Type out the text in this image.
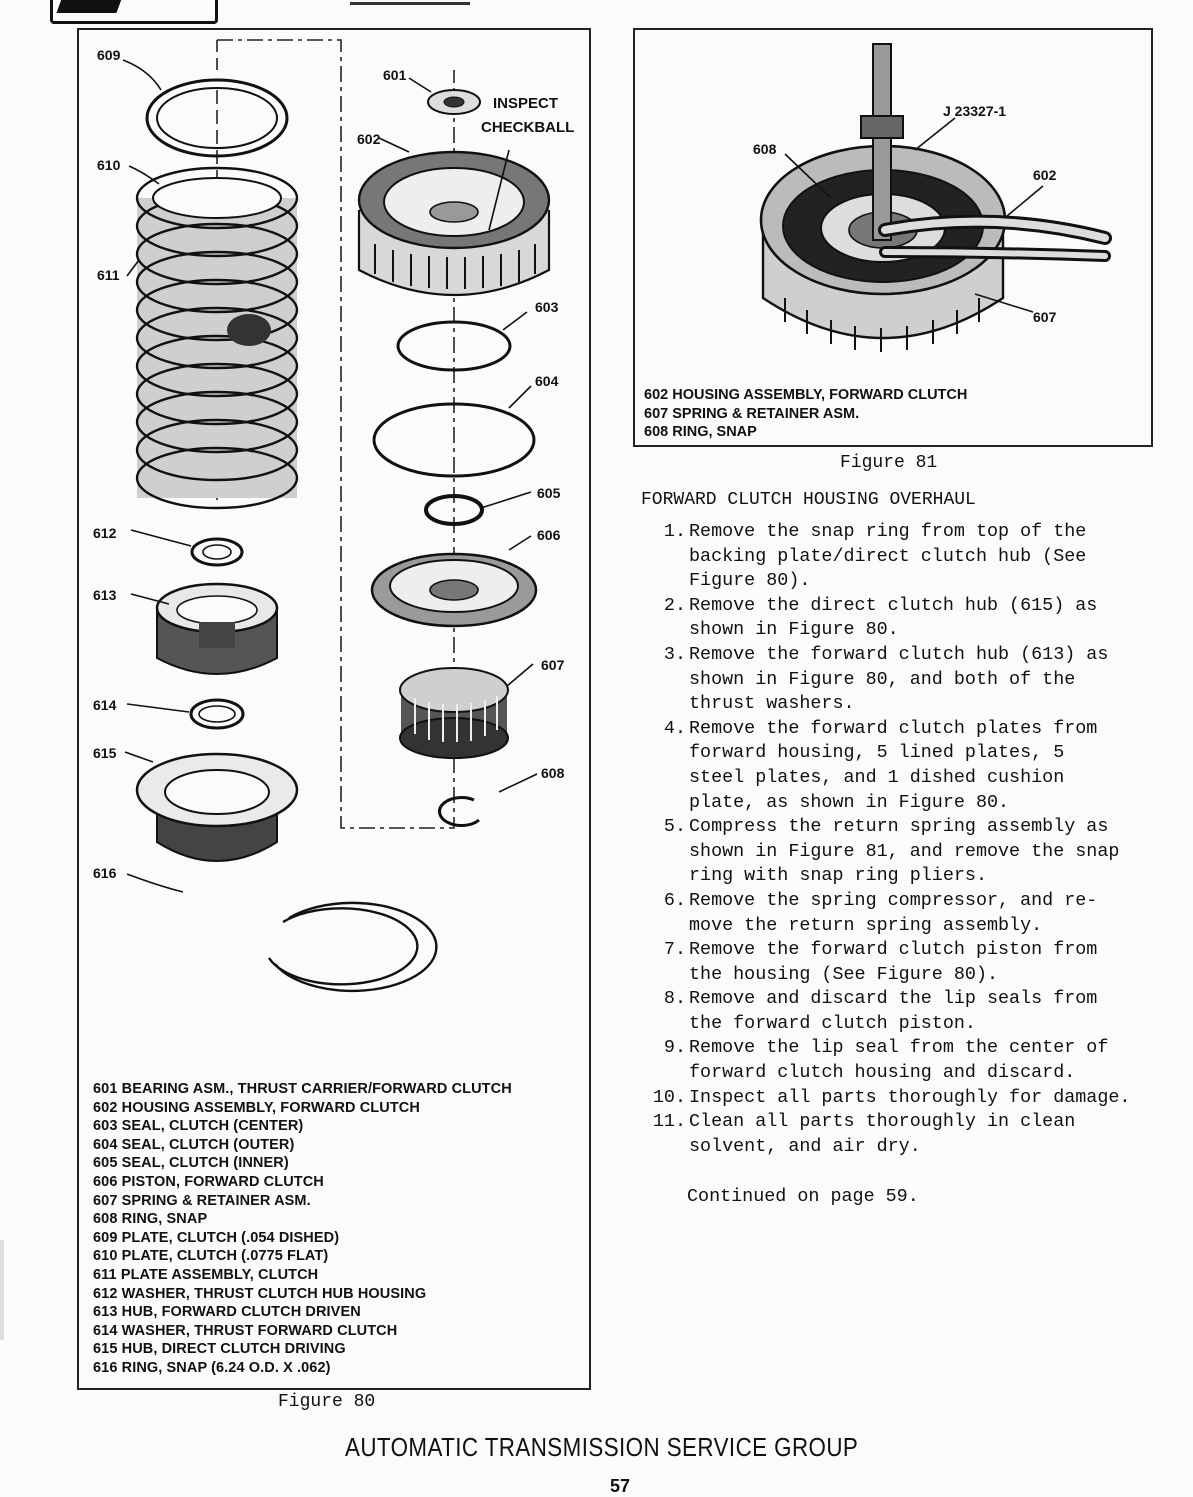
609
610
611
612
613
614
615
616
601
602
603
604
605
606
607
608
INSPECT
CHECKBALL
601 BEARING ASM., THRUST CARRIER/FORWARD CLUTCH
602 HOUSING ASSEMBLY, FORWARD CLUTCH
603 SEAL, CLUTCH (CENTER)
604 SEAL, CLUTCH (OUTER)
605 SEAL, CLUTCH (INNER)
606 PISTON, FORWARD CLUTCH
607 SPRING & RETAINER ASM.
608 RING, SNAP
609 PLATE, CLUTCH (.054 DISHED)
610 PLATE, CLUTCH (.0775 FLAT)
611 PLATE ASSEMBLY, CLUTCH
612 WASHER, THRUST CLUTCH HUB HOUSING
613 HUB, FORWARD CLUTCH DRIVEN
614 WASHER, THRUST FORWARD CLUTCH
615 HUB, DIRECT CLUTCH DRIVING
616 RING, SNAP (6.24 O.D. X .062)
Figure 80
J 23327-1
608
602
607
602 HOUSING ASSEMBLY, FORWARD CLUTCH
607 SPRING & RETAINER ASM.
608 RING, SNAP
Figure 81
FORWARD CLUTCH HOUSING OVERHAUL
1. Remove the snap ring from top of the
backing plate/direct clutch hub (See
Figure 80).
2. Remove the direct clutch hub (615) as
shown in Figure 80.
3. Remove the forward clutch hub (613) as
shown in Figure 80, and both of the
thrust washers.
4. Remove the forward clutch plates from
forward housing, 5 lined plates, 5
steel plates, and 1 dished cushion
plate, as shown in Figure 80.
5. Compress the return spring assembly as
shown in Figure 81, and remove the snap
ring with snap ring pliers.
6. Remove the spring compressor, and re-
move the return spring assembly.
7. Remove the forward clutch piston from
the housing (See Figure 80).
8. Remove and discard the lip seals from
the forward clutch piston.
9. Remove the lip seal from the center of
forward clutch housing and discard.
10. Inspect all parts thoroughly for damage.
11. Clean all parts thoroughly in clean
solvent, and air dry.
Continued on page 59.
AUTOMATIC TRANSMISSION SERVICE GROUP
57
